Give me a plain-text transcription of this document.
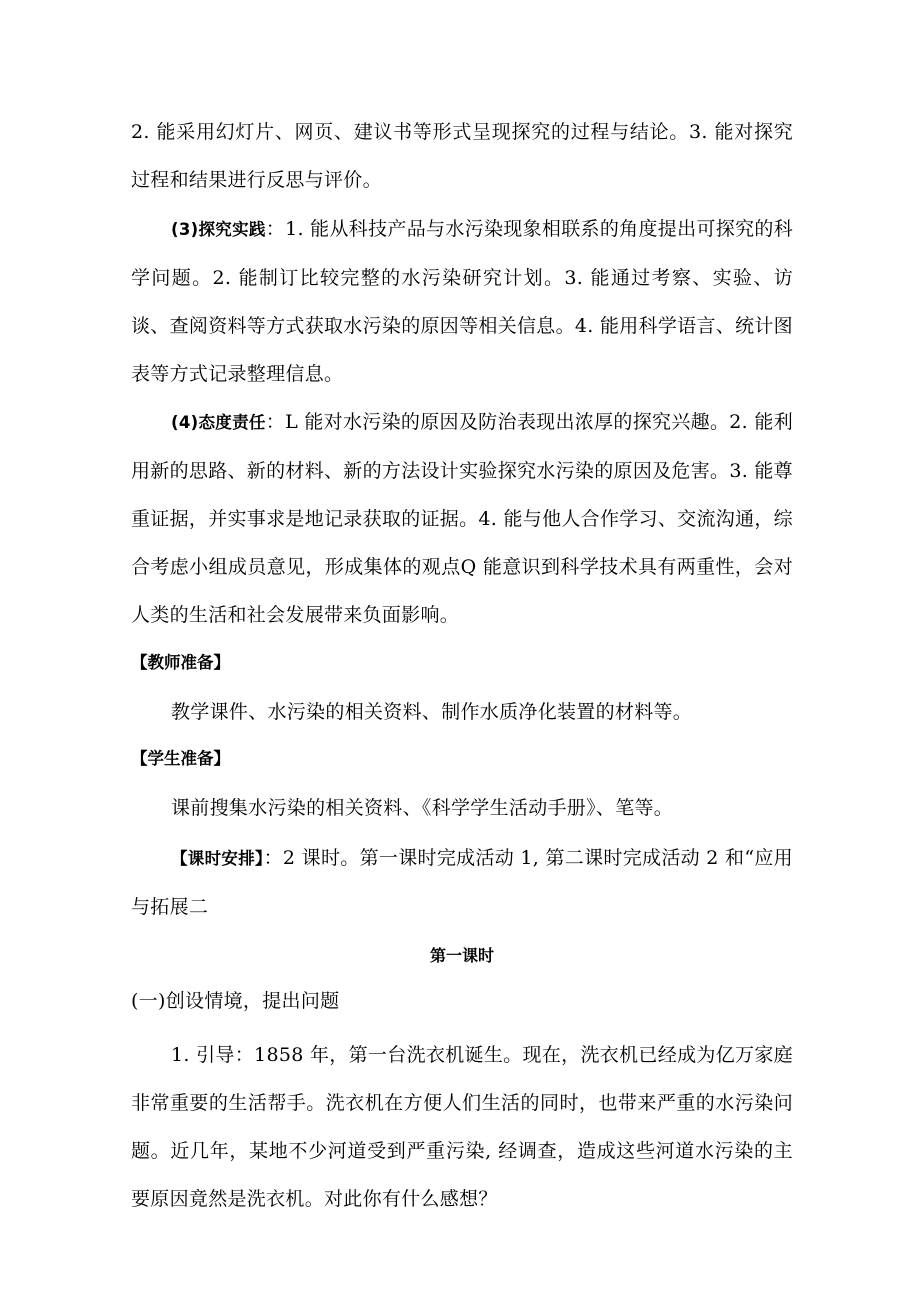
2. 能采用幻灯片、网页、建议书等形式呈现探究的过程与结论。3. 能对探究过程和结果进行反思与评价。

(3)探究实践：1. 能从科技产品与水污染现象相联系的角度提出可探究的科学问题。2. 能制订比较完整的水污染研究计划。3. 能通过考察、实验、访谈、查阅资料等方式获取水污染的原因等相关信息。4. 能用科学语言、统计图表等方式记录整理信息。

(4)态度责任：L 能对水污染的原因及防治表现出浓厚的探究兴趣。2. 能利用新的思路、新的材料、新的方法设计实验探究水污染的原因及危害。3. 能尊重证据，并实事求是地记录获取的证据。4. 能与他人合作学习、交流沟通，综合考虑小组成员意见，形成集体的观点Q 能意识到科学技术具有两重性，会对人类的生活和社会发展带来负面影响。

【教师准备】

教学课件、水污染的相关资料、制作水质净化装置的材料等。

【学生准备】

课前搜集水污染的相关资料、《科学学生活动手册》、笔等。

【课时安排】：2 课时。第一课时完成活动 1, 第二课时完成活动 2 和“应用与拓展二

第一课时

(一)创设情境，提出问题

1. 引导：1858 年，第一台洗衣机诞生。现在，洗衣机已经成为亿万家庭非常重要的生活帮手。洗衣机在方便人们生活的同时，也带来严重的水污染问题。近几年，某地不少河道受到严重污染, 经调查，造成这些河道水污染的主要原因竟然是洗衣机。对此你有什么感想？
